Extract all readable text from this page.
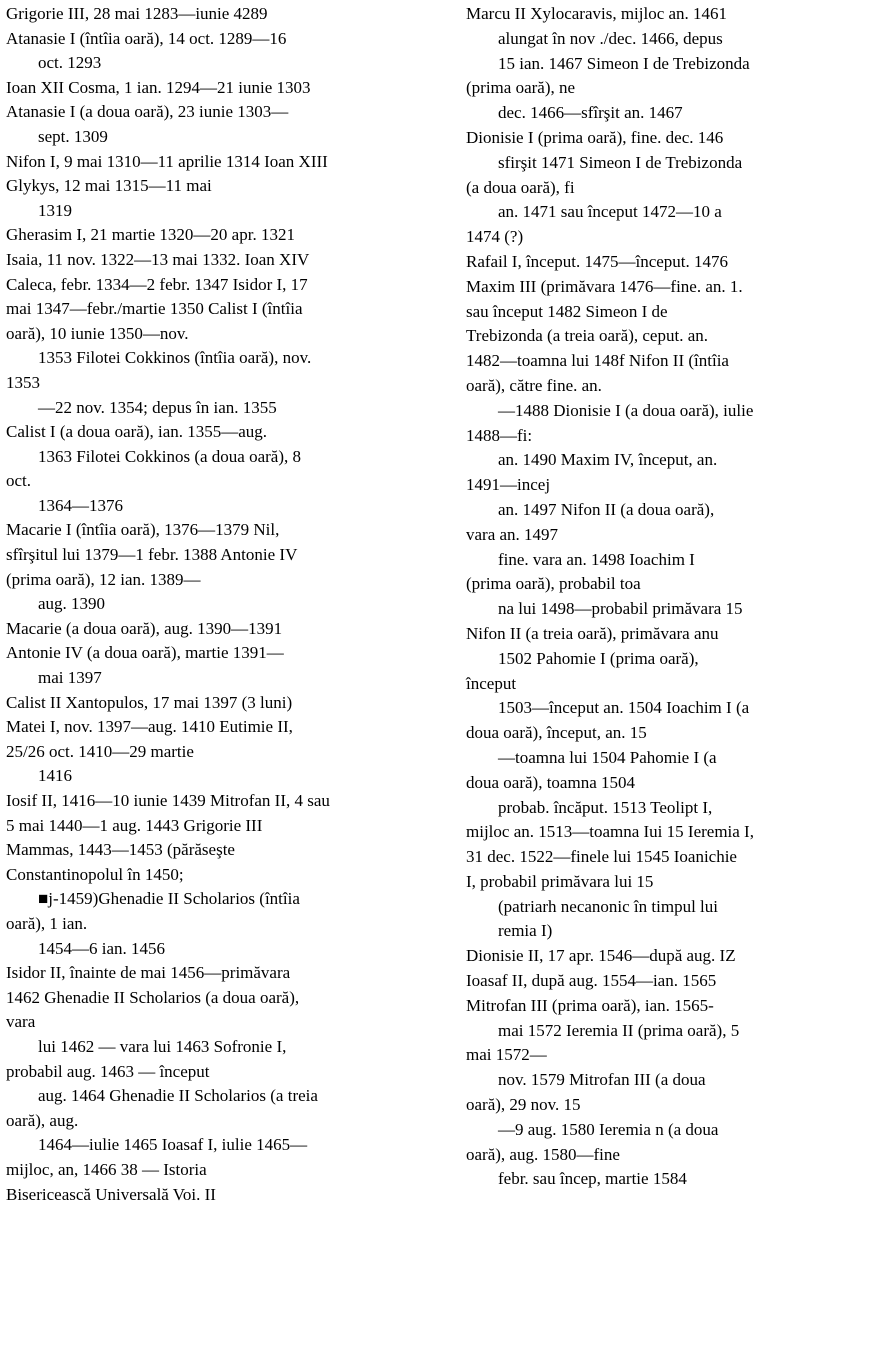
Grigorie III, 28 mai 1283—iunie 4289
Atanasie I (întîia oară), 14 oct. 1289—16
oct. 1293
Ioan XII Cosma, 1 ian. 1294—21 iunie 1303
Atanasie I (a doua oară), 23 iunie 1303—
sept. 1309
Nifon I, 9 mai 1310—11 aprilie 1314 Ioan XIII
Glykys, 12 mai 1315—11 mai
1319
Gherasim I, 21 martie 1320—20 apr. 1321
Isaia, 11 nov. 1322—13 mai 1332. Ioan XIV
Caleca, febr. 1334—2 febr. 1347 Isidor I, 17
mai 1347—febr./martie 1350 Calist I (întîia
oară), 10 iunie 1350—nov.
1353 Filotei Cokkinos (întîia oară), nov.
1353
—22 nov. 1354; depus în ian. 1355
Calist I (a doua oară), ian. 1355—aug.
1363 Filotei Cokkinos (a doua oară), 8
oct.
1364—1376
Macarie I (întîia oară), 1376—1379 Nil,
sfîrşitul lui 1379—1 febr. 1388 Antonie IV
(prima oară), 12 ian. 1389—
aug. 1390
Macarie (a doua oară), aug. 1390—1391
Antonie IV (a doua oară), martie 1391—
mai 1397
Calist II Xantopulos, 17 mai 1397 (3 luni)
Matei I, nov. 1397—aug. 1410 Eutimie II,
25/26 oct. 1410—29 martie
1416
Iosif II, 1416—10 iunie 1439 Mitrofan II, 4 sau
5 mai 1440—1 aug. 1443 Grigorie III
Mammas, 1443—1453 (părăseşte
Constantinopolul în 1450;
■j-1459)Ghenadie II Scholarios (întîia
oară), 1 ian.
1454—6 ian. 1456
Isidor II, înainte de mai 1456—primăvara
1462 Ghenadie II Scholarios (a doua oară),
vara
lui 1462 — vara lui 1463 Sofronie I,
probabil aug. 1463 — început
aug. 1464 Ghenadie II Scholarios (a treia
oară), aug.
1464—iulie 1465 Ioasaf I, iulie 1465—
mijloc, an, 1466 38 — Istoria
Bisericească Universală Voi. II
Marcu II Xylocaravis, mijloc an. 1461
alungat în nov ./dec. 1466, depus
15 ian. 1467 Simeon I de Trebizonda
(prima oară), ne
dec. 1466—sfîrşit an. 1467
Dionisie I (prima oară), fine. dec. 146
sfirşit 1471 Simeon I de Trebizonda
(a doua oară), fi
an. 1471 sau început 1472—10 a
1474 (?)
Rafail I, început. 1475—început. 1476
Maxim III (primăvara 1476—fine. an. 1.
sau început 1482 Simeon I de
Trebizonda (a treia oară), ceput. an.
1482—toamna lui 148f Nifon II (întîia
oară), către fine. an.
—1488 Dionisie I (a doua oară), iulie
1488—fi:
an. 1490 Maxim IV, început, an.
1491—incej
an. 1497 Nifon II (a doua oară),
vara an. 1497
fine. vara an. 1498 Ioachim I
(prima oară), probabil toa
na lui 1498—probabil primăvara 15
Nifon II (a treia oară), primăvara anu
1502 Pahomie I (prima oară),
început
1503—început an. 1504 Ioachim I (a
doua oară), început, an. 15
—toamna lui 1504 Pahomie I (a
doua oară), toamna 1504
probab. încăput. 1513 Teolipt I,
mijloc an. 1513—toamna Iui 15 Ieremia I,
31 dec. 1522—finele lui 1545 Ioanichie
I, probabil primăvara lui 15
(patriarh necanonic în timpul lui
remia I)
Dionisie II, 17 apr. 1546—după aug. IZ
Ioasaf II, după aug. 1554—ian. 1565
Mitrofan III (prima oară), ian. 1565-
mai 1572 Ieremia II (prima oară), 5
mai 1572—
nov. 1579 Mitrofan III (a doua
oară), 29 nov. 15
—9 aug. 1580 Ieremia n (a doua
oară), aug. 1580—fine
febr. sau încep, martie 1584
